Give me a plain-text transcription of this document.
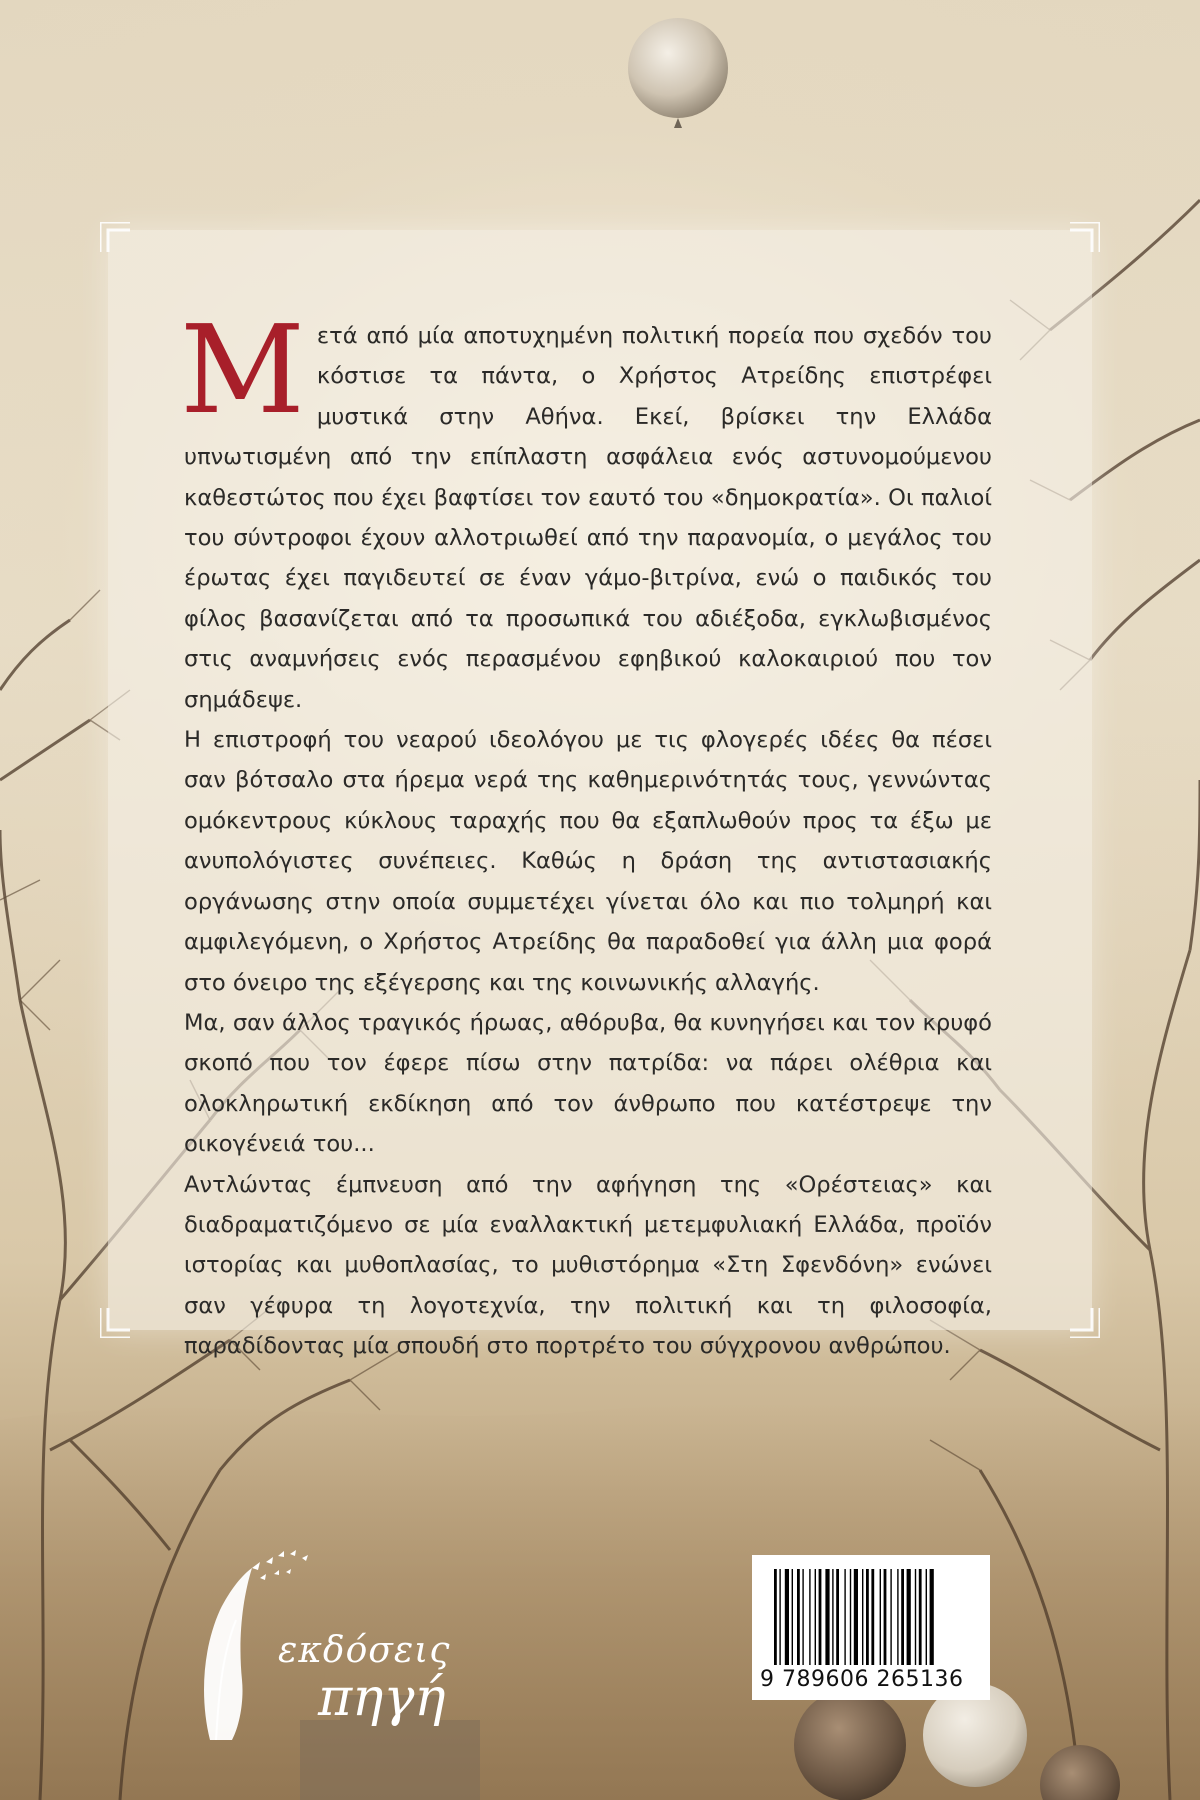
Μετά από μία αποτυχημένη πολιτική πορεία που σχεδόν του κόστισε τα πάντα, ο Χρήστος Ατρείδης επιστρέφει μυστικά στην Αθήνα. Εκεί, βρίσκει την Ελλάδα υπνωτισμένη από την επίπλαστη ασφάλεια ενός αστυνομούμενου καθεστώτος που έχει βαφτίσει τον εαυτό του «δημοκρατία». Οι παλιοί του σύντροφοι έχουν αλλοτριωθεί από την παρανομία, ο μεγάλος του έρωτας έχει παγιδευτεί σε έναν γάμο-βιτρίνα, ενώ ο παιδικός του φίλος βασανίζεται από τα προσωπικά του αδιέξοδα, εγκλωβισμένος στις αναμνήσεις ενός περασμένου εφηβικού καλοκαιριού που τον σημάδεψε.

Η επιστροφή του νεαρού ιδεολόγου με τις φλογερές ιδέες θα πέσει σαν βότσαλο στα ήρεμα νερά της καθημερινότητάς τους, γεννώντας ομόκεντρους κύκλους ταραχής που θα εξαπλωθούν προς τα έξω με ανυπολόγιστες συνέπειες. Καθώς η δράση της αντιστασιακής οργάνωσης στην οποία συμμετέχει γίνεται όλο και πιο τολμηρή και αμφιλεγόμενη, ο Χρήστος Ατρείδης θα παραδοθεί για άλλη μια φορά στο όνειρο της εξέγερσης και της κοινωνικής αλλαγής.

Μα, σαν άλλος τραγικός ήρωας, αθόρυβα, θα κυνηγήσει και τον κρυφό σκοπό που τον έφερε πίσω στην πατρίδα: να πάρει ολέθρια και ολοκληρωτική εκδίκηση από τον άνθρωπο που κατέστρεψε την οικογένειά του...

Αντλώντας έμπνευση από την αφήγηση της «Ορέστειας» και διαδραματιζόμενο σε μία εναλλακτική μετεμφυλιακή Ελλάδα, προϊόν ιστορίας και μυθοπλασίας, το μυθιστόρημα «Στη Σφενδόνη» ενώνει σαν γέφυρα τη λογοτεχνία, την πολιτική και τη φιλοσοφία, παραδίδοντας μία σπουδή στο πορτρέτο του σύγχρονου ανθρώπου.

εκδόσεις
πηγή	9 789606 265136
